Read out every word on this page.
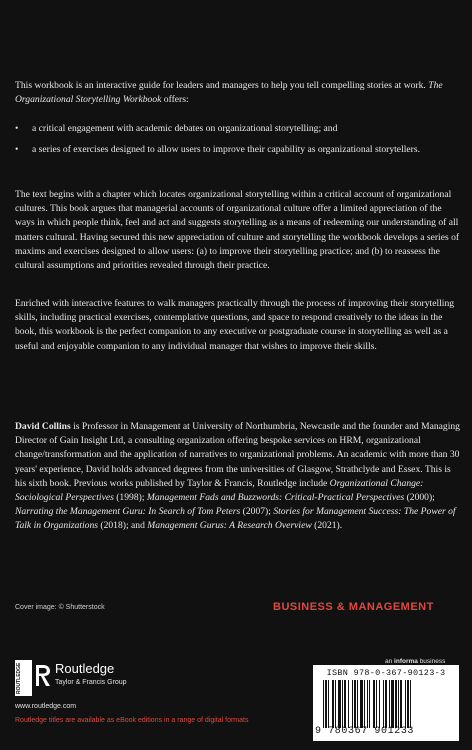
This workbook is an interactive guide for leaders and managers to help you tell compelling stories at work. The Organizational Storytelling Workbook offers:

•	a critical engagement with academic debates on organizational storytelling; and
•	a series of exercises designed to allow users to improve their capability as organizational storytellers.

The text begins with a chapter which locates organizational storytelling within a critical account of organizational cultures. This book argues that managerial accounts of organizational culture offer a limited appreciation of the ways in which people think, feel and act and suggests storytelling as a means of redeeming our understanding of all matters cultural. Having secured this new appreciation of culture and storytelling the workbook develops a series of maxims and exercises designed to allow users: (a) to improve their storytelling practice; and (b) to reassess the cultural assumptions and priorities revealed through their practice.

Enriched with interactive features to walk managers practically through the process of improving their storytelling skills, including practical exercises, contemplative questions, and space to respond creatively to the ideas in the book, this workbook is the perfect companion to any executive or postgraduate course in storytelling as well as a useful and enjoyable companion to any individual manager that wishes to improve their skills.

David Collins is Professor in Management at University of Northumbria, Newcastle and the founder and Managing Director of Gain Insight Ltd, a consulting organization offering bespoke services on HRM, organizational change/transformation and the application of narratives to organizational problems. An academic with more than 30 years' experience, David holds advanced degrees from the universities of Glasgow, Strathclyde and Essex. This is his sixth book. Previous works published by Taylor & Francis, Routledge include Organizational Change: Sociological Perspectives (1998); Management Fads and Buzzwords: Critical-Practical Perspectives (2000); Narrating the Management Guru: In Search of Tom Peters (2007); Stories for Management Success: The Power of Talk in Organizations (2018); and Management Gurus: A Research Overview (2021).

Cover image: © Shutterstock	BUSINESS & MANAGEMENT
ROUTLEDGE	Routledge
Taylor & Francis Group
www.routledge.com
Routledge titles are available as eBook editions in a range of digital formats
an informa business
ISBN 978-0-367-90123-3
9 780367 901233
